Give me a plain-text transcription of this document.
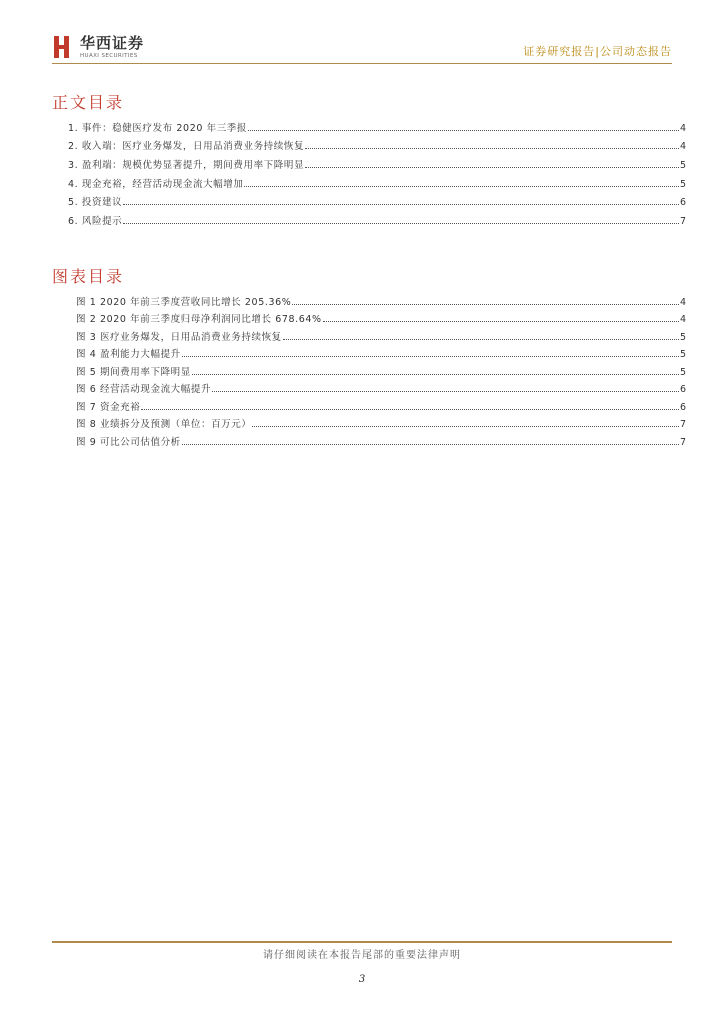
华西证券
HUAXI SECURITIES	证券研究报告|公司动态报告
正文目录
1. 事件：稳健医疗发布 2020 年三季报	4
2. 收入端：医疗业务爆发，日用品消费业务持续恢复	4
3. 盈利端：规模优势显著提升，期间费用率下降明显	5
4. 现金充裕，经营活动现金流大幅增加	5
5. 投资建议	6
6. 风险提示	7
图表目录
图 1 2020 年前三季度营收同比增长 205.36%	4
图 2 2020 年前三季度归母净利润同比增长 678.64%	4
图 3 医疗业务爆发，日用品消费业务持续恢复	5
图 4 盈利能力大幅提升	5
图 5 期间费用率下降明显	5
图 6 经营活动现金流大幅提升	6
图 7 资金充裕	6
图 8 业绩拆分及预测（单位：百万元）	7
图 9 可比公司估值分析	7
请仔细阅读在本报告尾部的重要法律声明
3
